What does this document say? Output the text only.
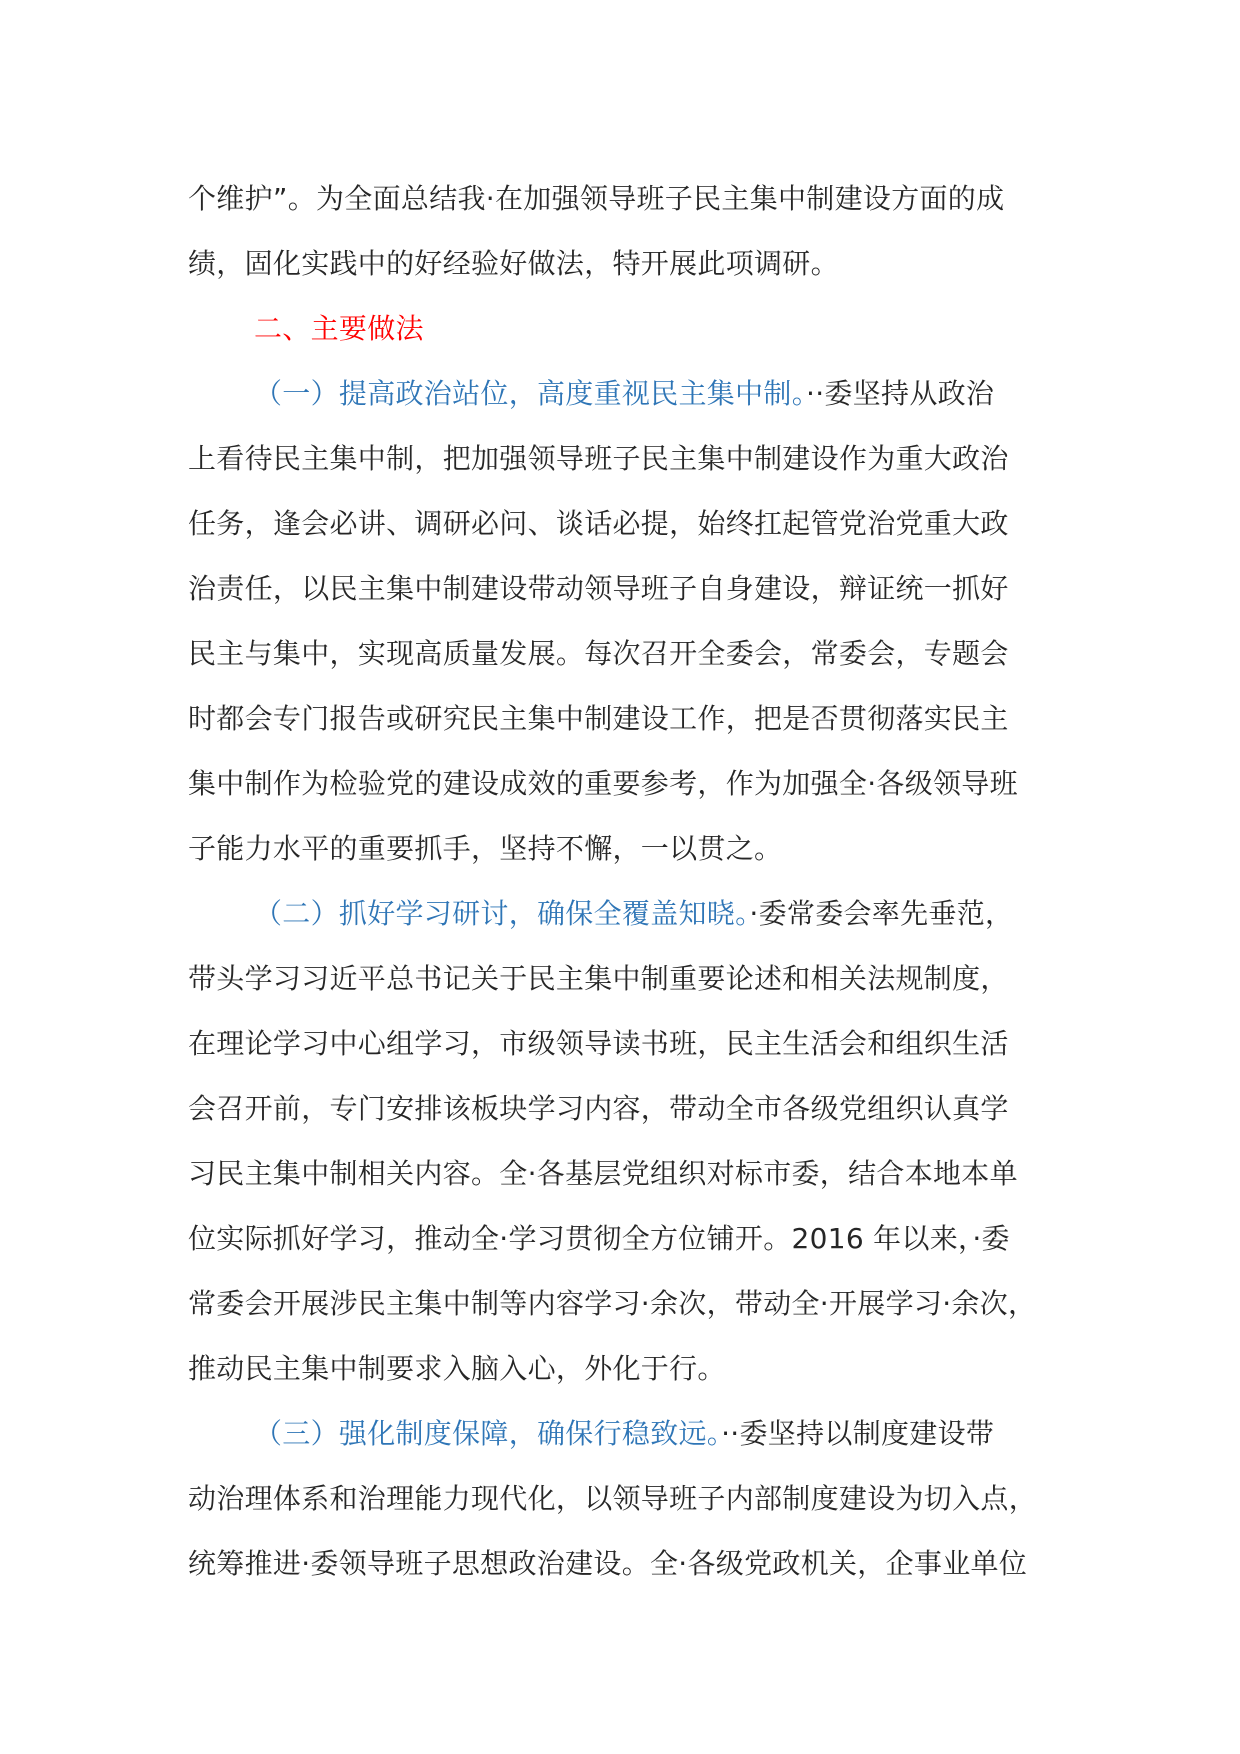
个维护”。为全面总结我·在加强领导班子民主集中制建设方面的成
绩，固化实践中的好经验好做法，特开展此项调研。
二、主要做法
（一）提高政治站位，高度重视民主集中制。··委坚持从政治
上看待民主集中制，把加强领导班子民主集中制建设作为重大政治
任务，逢会必讲、调研必问、谈话必提，始终扛起管党治党重大政
治责任，以民主集中制建设带动领导班子自身建设，辩证统一抓好
民主与集中，实现高质量发展。每次召开全委会，常委会，专题会
时都会专门报告或研究民主集中制建设工作，把是否贯彻落实民主
集中制作为检验党的建设成效的重要参考，作为加强全·各级领导班
子能力水平的重要抓手，坚持不懈，一以贯之。
（二）抓好学习研讨，确保全覆盖知晓。·委常委会率先垂范，
带头学习习近平总书记关于民主集中制重要论述和相关法规制度，
在理论学习中心组学习，市级领导读书班，民主生活会和组织生活
会召开前，专门安排该板块学习内容，带动全市各级党组织认真学
习民主集中制相关内容。全·各基层党组织对标市委，结合本地本单
位实际抓好学习，推动全·学习贯彻全方位铺开。2016 年以来，·委
常委会开展涉民主集中制等内容学习·余次，带动全·开展学习·余次，
推动民主集中制要求入脑入心，外化于行。
（三）强化制度保障，确保行稳致远。··委坚持以制度建设带
动治理体系和治理能力现代化，以领导班子内部制度建设为切入点，
统筹推进·委领导班子思想政治建设。全·各级党政机关，企事业单位
